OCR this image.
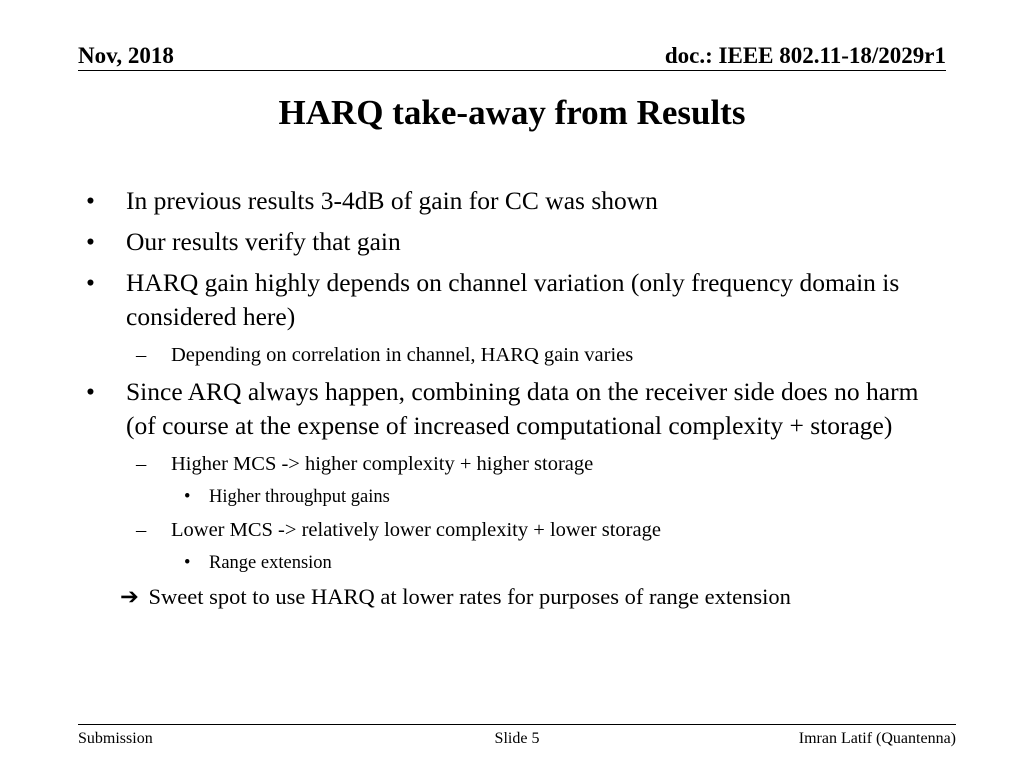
Nov, 2018	doc.: IEEE 802.11-18/2029r1
HARQ take-away from Results
• In previous results 3-4dB of gain for CC was shown
• Our results verify that gain
• HARQ gain highly depends on channel variation (only frequency domain is considered here)
– Depending on correlation in channel, HARQ gain varies
• Since ARQ always happen, combining data on the receiver side does no harm (of course at the expense of increased computational complexity + storage)
– Higher MCS -> higher complexity + higher storage
• Higher throughput gains
– Lower MCS -> relatively lower complexity + lower storage
• Range extension
➔ Sweet spot to use HARQ at lower rates for purposes of range extension
Submission	Slide 5	Imran Latif (Quantenna)
